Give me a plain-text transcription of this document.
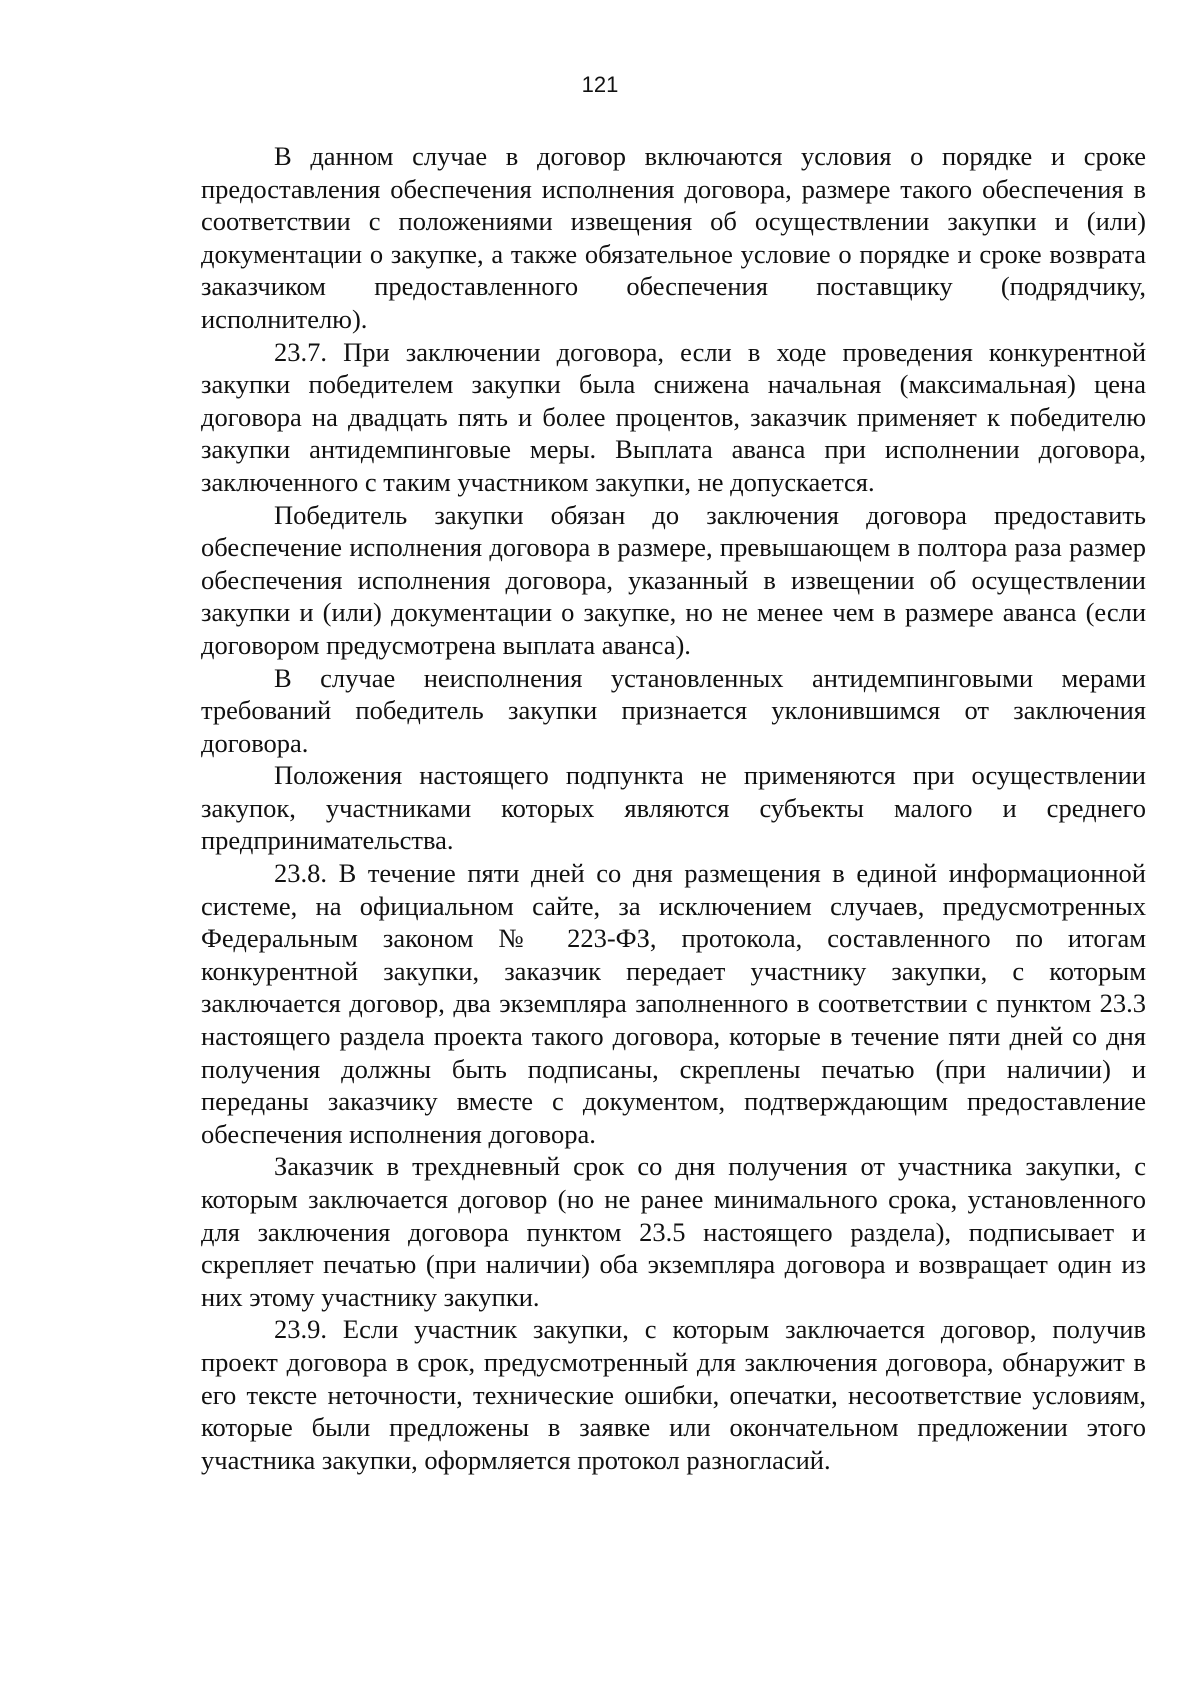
121

В данном случае в договор включаются условия о порядке и сроке предоставления обеспечения исполнения договора, размере такого обеспечения в соответствии с положениями извещения об осуществлении закупки и (или) документации о закупке, а также обязательное условие о порядке и сроке возврата заказчиком предоставленного обеспечения поставщику (подрядчику, исполнителю).

23.7. При заключении договора, если в ходе проведения конкурентной закупки победителем закупки была снижена начальная (максимальная) цена договора на двадцать пять и более процентов, заказчик применяет к победителю закупки антидемпинговые меры. Выплата аванса при исполнении договора, заключенного с таким участником закупки, не допускается.

Победитель закупки обязан до заключения договора предоставить обеспечение исполнения договора в размере, превышающем в полтора раза размер обеспечения исполнения договора, указанный в извещении об осуществлении закупки и (или) документации о закупке, но не менее чем в размере аванса (если договором предусмотрена выплата аванса).

В случае неисполнения установленных антидемпинговыми мерами требований победитель закупки признается уклонившимся от заключения договора.

Положения настоящего подпункта не применяются при осуществлении закупок, участниками которых являются субъекты малого и среднего предпринимательства.

23.8. В течение пяти дней со дня размещения в единой информационной системе, на официальном сайте, за исключением случаев, предусмотренных Федеральным законом № 223-ФЗ, протокола, составленного по итогам конкурентной закупки, заказчик передает участнику закупки, с которым заключается договор, два экземпляра заполненного в соответствии с пунктом 23.3 настоящего раздела проекта такого договора, которые в течение пяти дней со дня получения должны быть подписаны, скреплены печатью (при наличии) и переданы заказчику вместе с документом, подтверждающим предоставление обеспечения исполнения договора.

Заказчик в трехдневный срок со дня получения от участника закупки, с которым заключается договор (но не ранее минимального срока, установленного для заключения договора пунктом 23.5 настоящего раздела), подписывает и скрепляет печатью (при наличии) оба экземпляра договора и возвращает один из них этому участнику закупки.

23.9. Если участник закупки, с которым заключается договор, получив проект договора в срок, предусмотренный для заключения договора, обнаружит в его тексте неточности, технические ошибки, опечатки, несоответствие условиям, которые были предложены в заявке или окончательном предложении этого участника закупки, оформляется протокол разногласий.
